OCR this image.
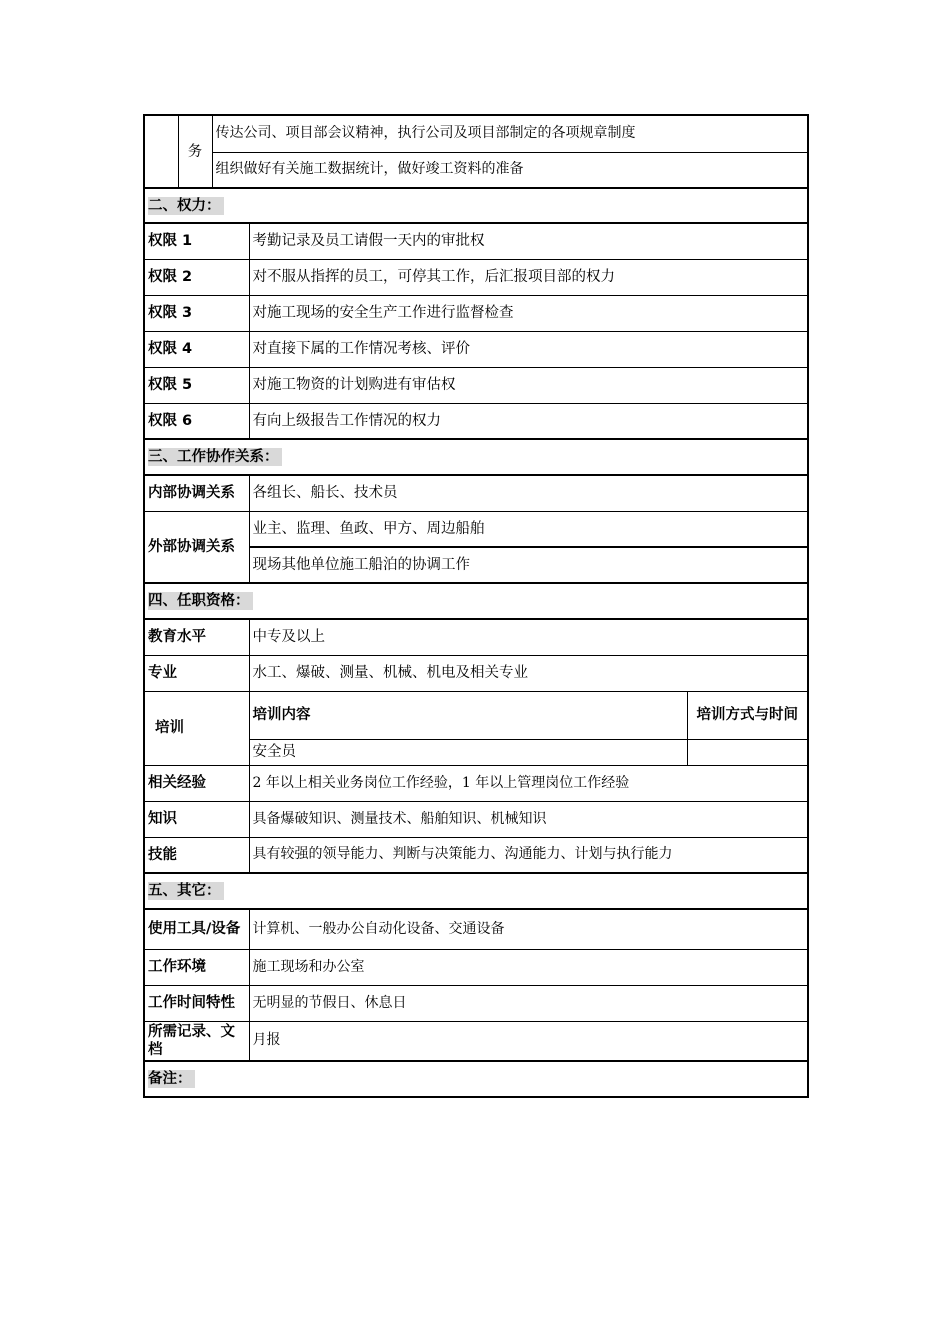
	务	传达公司、项目部会议精神，执行公司及项目部制定的各项规章制度		
		组织做好有关施工数据统计，做好竣工资料的准备		
二、权力：				
权限 1			考勤记录及员工请假一天内的审批权	
权限 2			对不服从指挥的员工，可停其工作，后汇报项目部的权力	
权限 3			对施工现场的安全生产工作进行监督检查	
权限 4			对直接下属的工作情况考核、评价	
权限 5			对施工物资的计划购进有审估权	
权限 6			有向上级报告工作情况的权力	
三、工作协作关系：				
内部协调关系			各组长、船长、技术员	
外部协调关系			业主、监理、鱼政、甲方、周边船舶	
			现场其他单位施工船泊的协调工作	
四、任职资格：				
教育水平			中专及以上	
专业			水工、爆破、测量、机械、机电及相关专业	
培训			培训内容	培训方式与时间
			安全员	
相关经验			2 年以上相关业务岗位工作经验，1 年以上管理岗位工作经验	
知识			具备爆破知识、测量技术、船舶知识、机械知识	
技能			具有较强的领导能力、判断与决策能力、沟通能力、计划与执行能力	
五、其它：				
使用工具/设备			计算机、一般办公自动化设备、交通设备	
工作环境			施工现场和办公室	
工作时间特性			无明显的节假日、休息日	
所需记录、文档			月报	
备注：				
